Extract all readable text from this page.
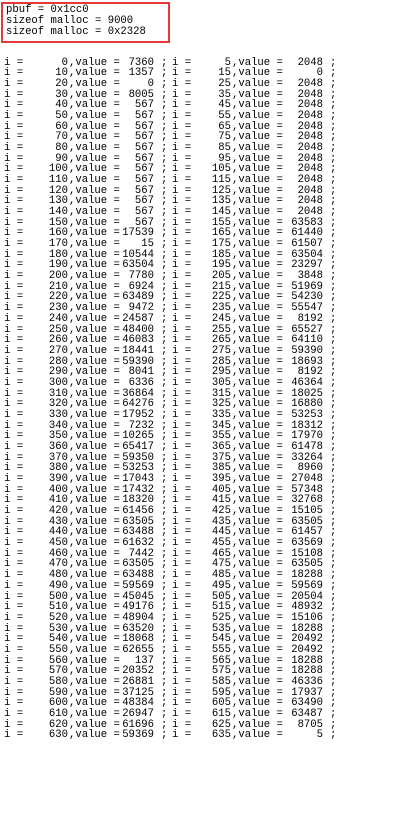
pbuf = 0x1cc0
sizeof malloc = 9000
sizeof malloc = 0x2328
i =	0 ,value = 7360 ; i =	5 ,value =	2048 ;
i =	10 ,value = 1357 ; i =	15 ,value =	0 ;
i =	20 ,value =	0 ; i =	25 ,value =	2048 ;
i =	30 ,value = 8005 ; i =	35 ,value =	2048 ;
i =	40 ,value =	567 ; i =	45 ,value =	2048 ;
i =	50 ,value =	567 ; i =	55 ,value =	2048 ;
i =	60 ,value =	567 ; i =	65 ,value =	2048 ;
i =	70 ,value =	567 ; i =	75 ,value =	2048 ;
i =	80 ,value =	567 ; i =	85 ,value =	2048 ;
i =	90 ,value =	567 ; i =	95 ,value =	2048 ;
i =	100 ,value =	567 ; i =	105 ,value =	2048 ;
i =	110 ,value =	567 ; i =	115 ,value =	2048 ;
i =	120 ,value =	567 ; i =	125 ,value =	2048 ;
i =	130 ,value =	567 ; i =	135 ,value =	2048 ;
i =	140 ,value =	567 ; i =	145 ,value =	2048 ;
i =	150 ,value =	567 ; i =	155 ,value = 63583 ;
i =	160 ,value = 17539 ; i =	165 ,value = 61440 ;
i =	170 ,value =	15 ; i =	175 ,value = 61507 ;
i =	180 ,value = 10544 ; i =	185 ,value = 63504 ;
i =	190 ,value = 63504 ; i =	195 ,value = 23297 ;
i =	200 ,value = 7780 ; i =	205 ,value =	3848 ;
i =	210 ,value = 6924 ; i =	215 ,value = 51969 ;
i =	220 ,value = 63489 ; i =	225 ,value = 54230 ;
i =	230 ,value = 9472 ; i =	235 ,value = 55547 ;
i =	240 ,value = 24587 ; i =	245 ,value =	8192 ;
i =	250 ,value = 48400 ; i =	255 ,value = 65527 ;
i =	260 ,value = 46083 ; i =	265 ,value = 64110 ;
i =	270 ,value = 18441 ; i =	275 ,value = 59390 ;
i =	280 ,value = 59390 ; i =	285 ,value = 18693 ;
i =	290 ,value = 8041 ; i =	295 ,value =	8192 ;
i =	300 ,value = 6336 ; i =	305 ,value = 46364 ;
i =	310 ,value = 36864 ; i =	315 ,value = 18025 ;
i =	320 ,value = 64276 ; i =	325 ,value = 16880 ;
i =	330 ,value = 17952 ; i =	335 ,value = 53253 ;
i =	340 ,value = 7232 ; i =	345 ,value = 18312 ;
i =	350 ,value = 10265 ; i =	355 ,value = 17970 ;
i =	360 ,value = 65417 ; i =	365 ,value = 61478 ;
i =	370 ,value = 59350 ; i =	375 ,value = 33264 ;
i =	380 ,value = 53253 ; i =	385 ,value =	8960 ;
i =	390 ,value = 17043 ; i =	395 ,value = 27048 ;
i =	400 ,value = 17432 ; i =	405 ,value = 57348 ;
i =	410 ,value = 18320 ; i =	415 ,value = 32768 ;
i =	420 ,value = 61456 ; i =	425 ,value = 15105 ;
i =	430 ,value = 63505 ; i =	435 ,value = 63505 ;
i =	440 ,value = 63488 ; i =	445 ,value = 61457 ;
i =	450 ,value = 61632 ; i =	455 ,value = 63569 ;
i =	460 ,value = 7442 ; i =	465 ,value = 15108 ;
i =	470 ,value = 63505 ; i =	475 ,value = 63505 ;
i =	480 ,value = 63488 ; i =	485 ,value = 18288 ;
i =	490 ,value = 59569 ; i =	495 ,value = 59569 ;
i =	500 ,value = 45045 ; i =	505 ,value = 20504 ;
i =	510 ,value = 49176 ; i =	515 ,value = 48932 ;
i =	520 ,value = 48904 ; i =	525 ,value = 15106 ;
i =	530 ,value = 63520 ; i =	535 ,value = 18288 ;
i =	540 ,value = 18068 ; i =	545 ,value = 20492 ;
i =	550 ,value = 62655 ; i =	555 ,value = 20492 ;
i =	560 ,value =	137 ; i =	565 ,value = 18288 ;
i =	570 ,value = 20352 ; i =	575 ,value = 18288 ;
i =	580 ,value = 26881 ; i =	585 ,value = 46336 ;
i =	590 ,value = 37125 ; i =	595 ,value = 17937 ;
i =	600 ,value = 48384 ; i =	605 ,value = 63490 ;
i =	610 ,value = 26947 ; i =	615 ,value = 63487 ;
i =	620 ,value = 61696 ; i =	625 ,value =	8705 ;
i =	630 ,value = 59369 ; i =	635 ,value =	5 ;
